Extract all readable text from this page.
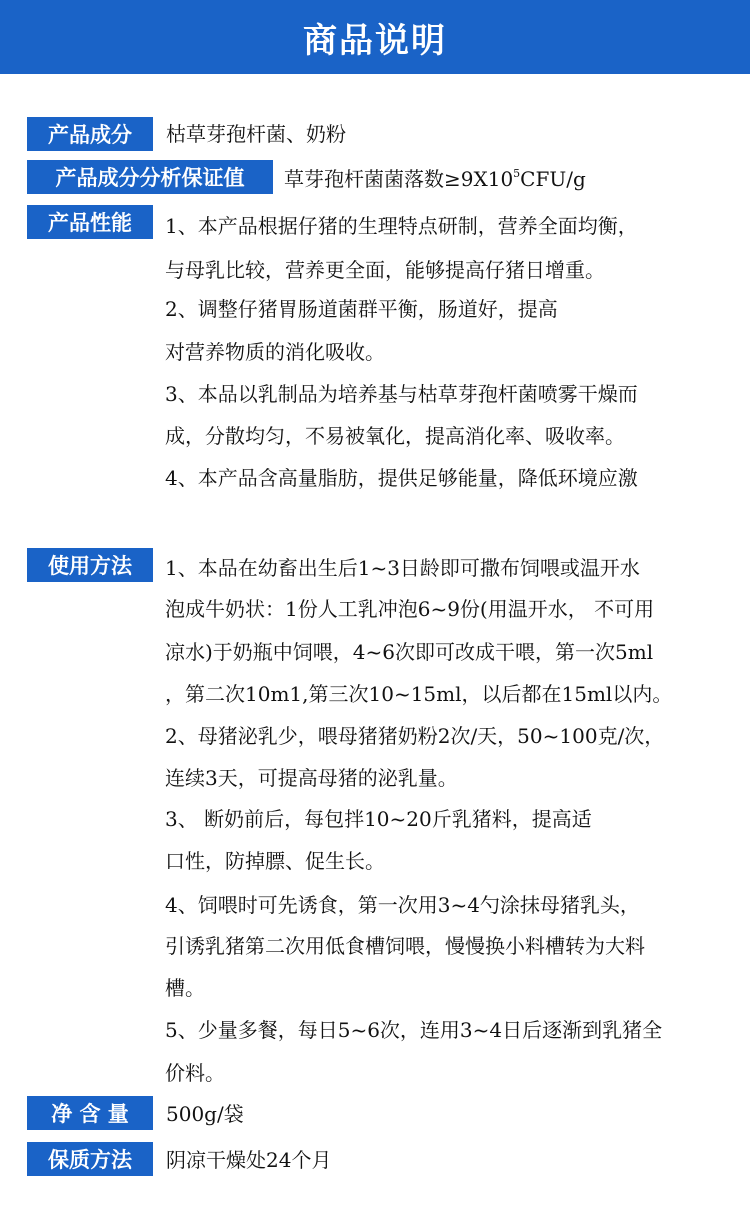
商品说明
产品成分	枯草芽孢杆菌、奶粉
产品成分分析保证值	草芽孢杆菌菌落数$\ge 9X10^5CFU/g$
产品性能	1、本产品根据仔猪的生理特点研制，营养全面均衡，
与母乳比较，营养更全面，能够提高仔猪日增重。
2、调整仔猪胃肠道菌群平衡，肠道好，提高
对营养物质的消化吸收。
3、本品以乳制品为培养基与枯草芽孢杆菌喷雾干燥而
成，分散均匀，不易被氧化，提高消化率、吸收率。
4、本产品含高量脂肪，提供足够能量，降低环境应激
使用方法	1、本品在幼畜出生后1~3日龄即可撒布饲喂或温开水
泡成牛奶状：1份人工乳冲泡6~9份(用温开水， 不可用
凉水)于奶瓶中饲喂，4~6次即可改成干喂，第一次5ml
，第二次10m1,第三次10~15ml，以后都在15ml以内。
2、母猪泌乳少，喂母猪猪奶粉2次/天，50~100克/次，
连续3天，可提高母猪的泌乳量。
3、 断奶前后，每包拌10~20斤乳猪料，提高适
口性，防掉膘、促生长。
4、饲喂时可先诱食，第一次用3~4勺涂抹母猪乳头，
引诱乳猪第二次用低食槽饲喂，慢慢换小料槽转为大料
槽。
5、少量多餐，每日5~6次，连用3~4日后逐渐到乳猪全
价料。
净 含 量	500g/袋
保质方法	阴凉干燥处24个月
